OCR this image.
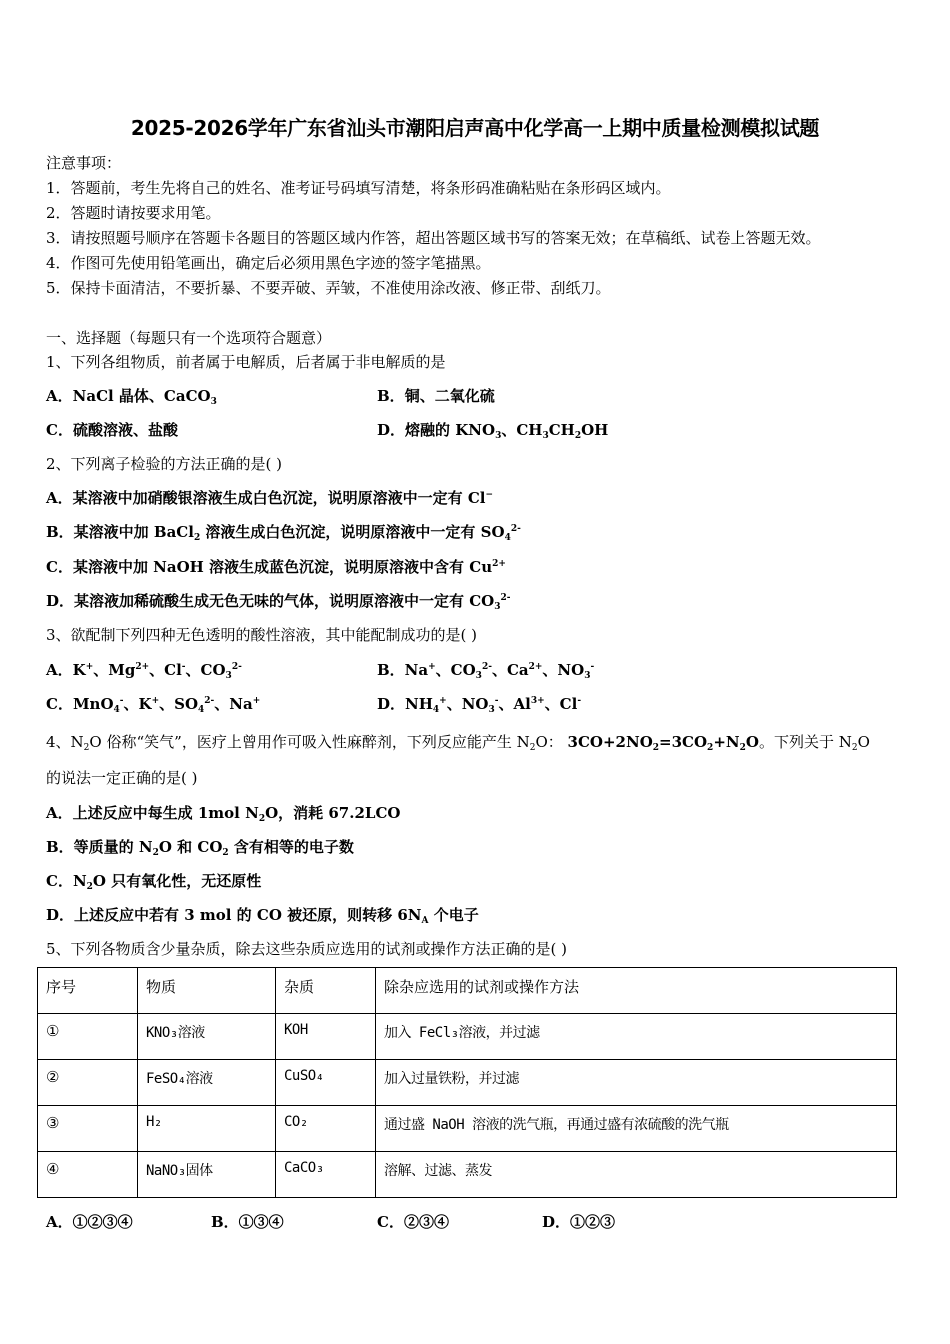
2025-2026学年广东省汕头市潮阳启声高中化学高一上期中质量检测模拟试题
注意事项：
1．答题前，考生先将自己的姓名、准考证号码填写清楚，将条形码准确粘贴在条形码区域内。
2．答题时请按要求用笔。
3．请按照题号顺序在答题卡各题目的答题区域内作答，超出答题区域书写的答案无效；在草稿纸、试卷上答题无效。
4．作图可先使用铅笔画出，确定后必须用黑色字迹的签字笔描黑。
5．保持卡面清洁，不要折暴、不要弄破、弄皱，不准使用涂改液、修正带、刮纸刀。
一、选择题（每题只有一个选项符合题意）
1、下列各组物质，前者属于电解质，后者属于非电解质的是
A．NaCl 晶体、CaCO$_3$	B．铜、二氧化硫
C．硫酸溶液、盐酸	D．熔融的 $KNO_3$、$CH_3CH_2OH$
2、下列离子检验的方法正确的是( )
A．某溶液中加硝酸银溶液生成白色沉淀，说明原溶液中一定有 Cl−
B．某溶液中加 BaCl$_2$ 溶液生成白色沉淀，说明原溶液中一定有 $SO_4^{2-}$
C．某溶液中加 NaOH 溶液生成蓝色沉淀，说明原溶液中含有 $Cu^{2+}$
D．某溶液加稀硫酸生成无色无味的气体，说明原溶液中一定有 $CO_3^{2-}$
3、欲配制下列四种无色透明的酸性溶液，其中能配制成功的是( )
A．K+、$Mg^{2+}$、Cl-、$CO_3^{2-}$	B．Na+、$CO_3^{2-}$、$Ca^{2+}$、$NO_3^-$
C．MnO$_4$-、K+、$SO_4^{2-}$、Na+	D．$NH_4^+$、$NO_3^-$、$Al^{3+}$、Cl-
4、$N_2O$ 俗称“笑气”，医疗上曾用作可吸入性麻醉剂，下列反应能产生 $N_2O$： $3CO+2NO_2=3CO_2+N_2O$。下列关于 $N_2O$
的说法一定正确的是( )
A．上述反应中每生成 1mol $N_2O$，消耗 67.2LCO
B．等质量的 $N_2O$ 和 $CO_2$ 含有相等的电子数
C．$N_2O$ 只有氧化性，无还原性
D．上述反应中若有 3 mol 的 CO 被还原，则转移 $6N_A$ 个电子
5、下列各物质含少量杂质，除去这些杂质应选用的试剂或操作方法正确的是( )
序号	物质	杂质	除杂应选用的试剂或操作方法
①	KNO₃溶液	KOH	加入 FeCl₃溶液，并过滤
②	FeSO₄溶液	CuSO₄	加入过量铁粉，并过滤
③	H₂	CO₂	通过盛 NaOH 溶液的洗气瓶，再通过盛有浓硫酸的洗气瓶
④	NaNO₃固体	CaCO₃	溶解、过滤、蒸发
A．①②③④	B．①③④	C．②③④	D．①②③
